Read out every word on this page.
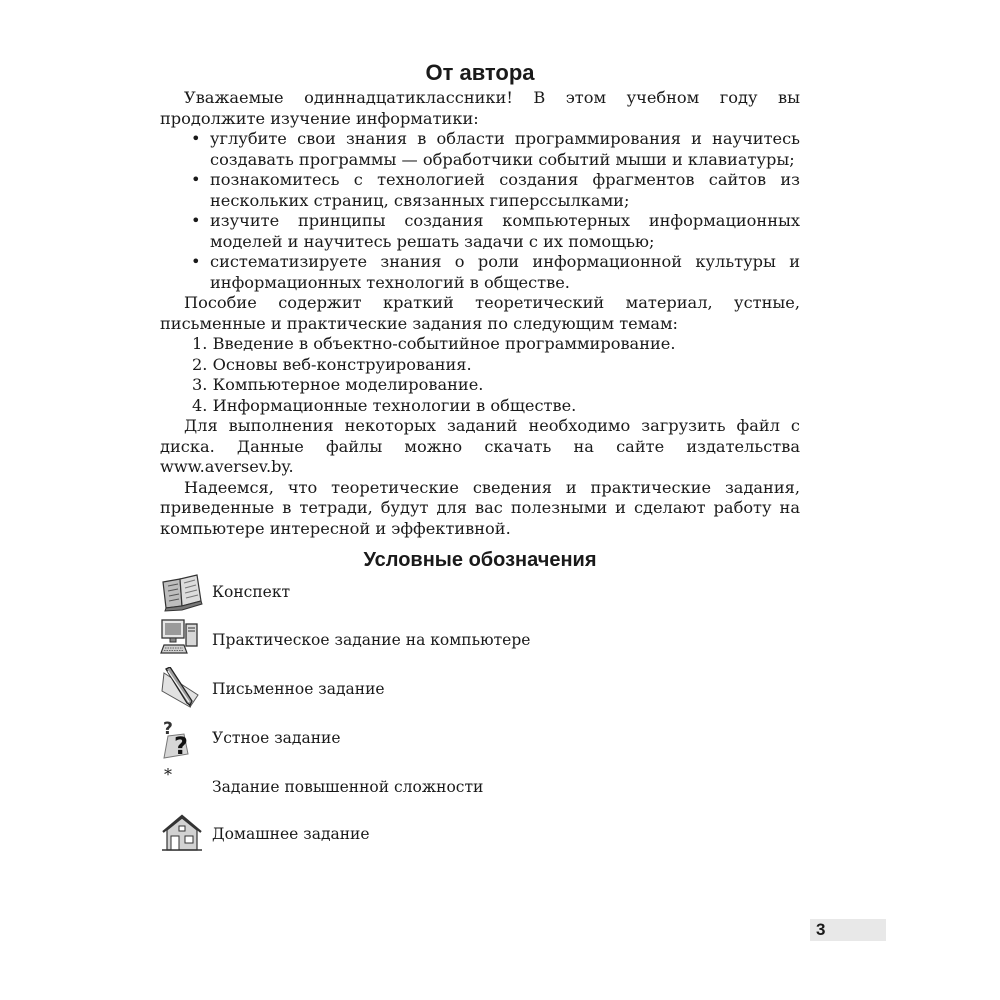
От автора

Уважаемые одиннадцатиклассники! В этом учебном году вы продолжите изучение информатики:

• углубите свои знания в области программирования и научитесь создавать программы — обработчики событий мыши и клавиатуры;

• познакомитесь с технологией создания фрагментов сайтов из нескольких страниц, связанных гиперссылками;

• изучите принципы создания компьютерных информационных моделей и научитесь решать задачи с их помощью;

• систематизируете знания о роли информационной культуры и информационных технологий в обществе.

Пособие содержит краткий теоретический материал, устные, письменные и практические задания по следующим темам:

1. Введение в объектно-событийное программирование.

2. Основы веб-конструирования.

3. Компьютерное моделирование.

4. Информационные технологии в обществе.

Для выполнения некоторых заданий необходимо загрузить файл с диска. Данные файлы можно скачать на сайте издательства www.aversev.by.

Надеемся, что теоретические сведения и практические задания, приведенные в тетради, будут для вас полезными и сделают работу на компьютере интересной и эффективной.

Условные обозначения
Конспект
Практическое задание на компьютере
Письменное задание
?
? Устное задание
*
Задание повышенной сложности
Домашнее задание
3
